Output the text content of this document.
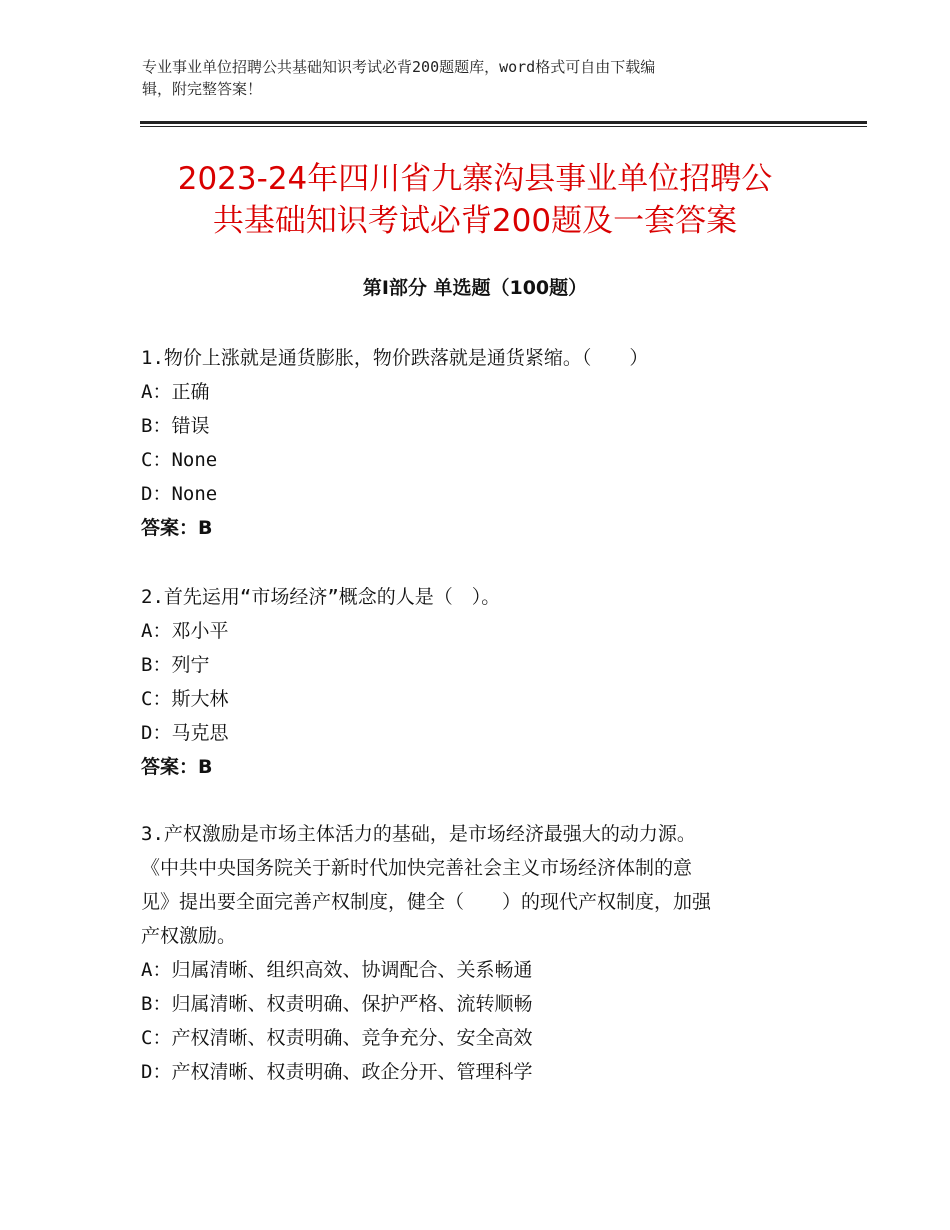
专业事业单位招聘公共基础知识考试必背200题题库，word格式可自由下载编
辑，附完整答案！
2023-24年四川省九寨沟县事业单位招聘公
共基础知识考试必背200题及一套答案
第Ⅰ部分 单选题（100题）
1.物价上涨就是通货膨胀，物价跌落就是通货紧缩。（　　）
A：正确
B：错误
C：None
D：None
答案：B
2.首先运用“市场经济”概念的人是（　）。
A：邓小平
B：列宁
C：斯大林
D：马克思
答案：B
3.产权激励是市场主体活力的基础，是市场经济最强大的动力源。
《中共中央国务院关于新时代加快完善社会主义市场经济体制的意
见》提出要全面完善产权制度，健全（　　）的现代产权制度，加强
产权激励。
A：归属清晰、组织高效、协调配合、关系畅通
B：归属清晰、权责明确、保护严格、流转顺畅
C：产权清晰、权责明确、竞争充分、安全高效
D：产权清晰、权责明确、政企分开、管理科学
